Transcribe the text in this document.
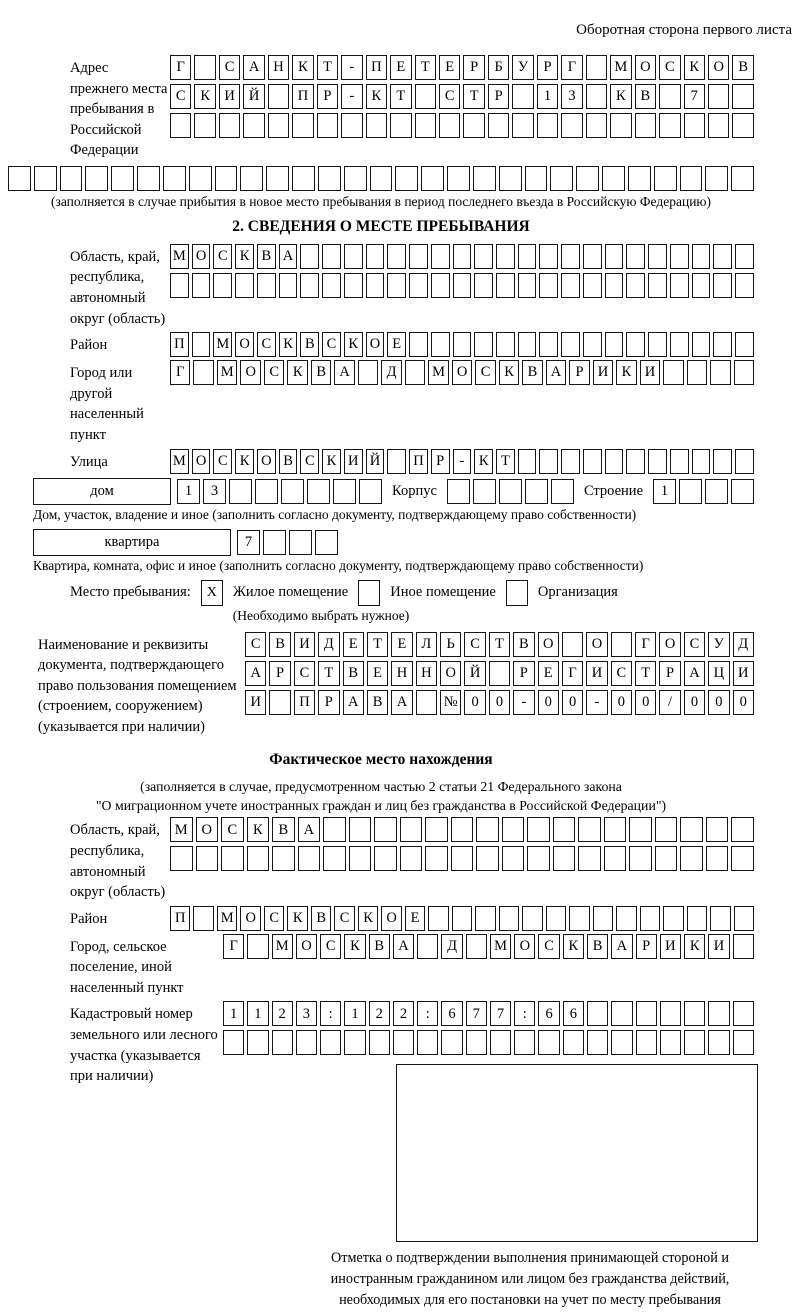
Оборотная сторона первого листа
Адрес прежнего места пребывания в Российской Федерации
Г	С А Н К	Т	-	П	Е	Т	Е	Р	Б	У	Р	Г	М О С	К О В
С	К И Й	П	Р	-	К	Т	С	Т	Р	1	3	К	В	7
(заполняется в случае прибытия в новое место пребывания в период последнего въезда в Российскую Федерацию)
2. СВЕДЕНИЯ О МЕСТЕ ПРЕБЫВАНИЯ
Область, край, республика, автономный округ (область)
М О С К В А
Район	П М О С К В С К О Е
Город или другой населенный пункт
Г	М О С К В А	Д	М О С К В А Р И К И
Улица	М О С К О В С К И Й П Р	- К Т
дом	1	3	Корпус	Строение	1
Дом, участок, владение и иное (заполнить согласно документу, подтверждающему право собственности)
квартира	7
Квартира, комната, офис и иное (заполнить согласно документу, подтверждающему право собственности)
Место пребывания:	X	Жилое помещение	Иное помещение	Организация
(Необходимо выбрать нужное)
Наименование и реквизиты документа, подтверждающего право пользования помещением (строением, сооружением) (указывается при наличии)
С	В И Д	Е	Т	Е	Л	Ь	С	Т	В О	О	Г	О С У Д
А	Р	С	Т	В	Е	Н Н О Й	Р	Е	Г	И С	Т	Р	А Ц И
И	П	Р	А В А	№ 0	0	-	0	0	-	0	0	/	0	0	0
Фактическое место нахождения
(заполняется в случае, предусмотренном частью 2 статьи 21 Федерального закона
"О миграционном учете иностранных граждан и лиц без гражданства в Российской Федерации")
Область, край, республика, автономный округ (область)
М О	С	К	В	А
Район	П	М О С К В С К О Е
Город, сельское поселение, иной населенный пункт
Г	М О С	К	В А	Д	М О С	К	В А	Р	И К И
Кадастровый номер земельного или лесного участка (указывается при наличии)
1	1	2	3	:	1	2	2	:	6	7	7	:	6	6
Отметка о подтверждении выполнения принимающей стороной и иностранным гражданином или лицом без гражданства действий, необходимых для его постановки на учет по месту пребывания
